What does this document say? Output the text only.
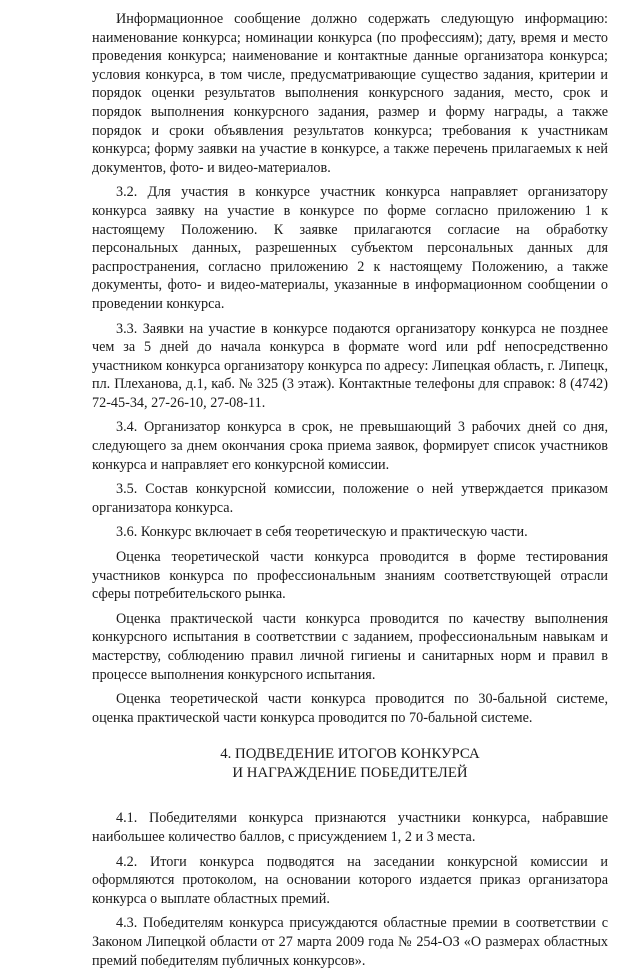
Информационное сообщение должно содержать следующую информацию: наименование конкурса; номинации конкурса (по профессиям); дату, время и место проведения конкурса; наименование и контактные данные организатора конкурса; условия конкурса, в том числе, предусматривающие существо задания, критерии и порядок оценки результатов выполнения конкурсного задания, место, срок и порядок выполнения конкурсного задания, размер и форму награды, а также порядок и сроки объявления результатов конкурса; требования к участникам конкурса; форму заявки на участие в конкурсе, а также перечень прилагаемых к ней документов, фото- и видео-материалов.

3.2. Для участия в конкурсе участник конкурса направляет организатору конкурса заявку на участие в конкурсе по форме согласно приложению 1 к настоящему Положению. К заявке прилагаются согласие на обработку персональных данных, разрешенных субъектом персональных данных для распространения, согласно приложению 2 к настоящему Положению, а также документы, фото- и видео-материалы, указанные в информационном сообщении о проведении конкурса.

3.3. Заявки на участие в конкурсе подаются организатору конкурса не позднее чем за 5 дней до начала конкурса в формате word или pdf непосредственно участником конкурса организатору конкурса по адресу: Липецкая область, г. Липецк, пл. Плеханова, д.1, каб. № 325 (3 этаж). Контактные телефоны для справок: 8 (4742) 72-45-34, 27-26-10, 27-08-11.

3.4. Организатор конкурса в срок, не превышающий 3 рабочих дней со дня, следующего за днем окончания срока приема заявок, формирует список участников конкурса и направляет его конкурсной комиссии.

3.5. Состав конкурсной комиссии, положение о ней утверждается приказом организатора конкурса.

3.6. Конкурс включает в себя теоретическую и практическую части.

Оценка теоретической части конкурса проводится в форме тестирования участников конкурса по профессиональным знаниям соответствующей отрасли сферы потребительского рынка.

Оценка практической части конкурса проводится по качеству выполнения конкурсного испытания в соответствии с заданием, профессиональным навыкам и мастерству, соблюдению правил личной гигиены и санитарных норм и правил в процессе выполнения конкурсного испытания.

Оценка теоретической части конкурса проводится по 30-бальной системе, оценка практической части конкурса проводится по 70-бальной системе.

4. ПОДВЕДЕНИЕ ИТОГОВ КОНКУРСА
И НАГРАЖДЕНИЕ ПОБЕДИТЕЛЕЙ

4.1. Победителями конкурса признаются участники конкурса, набравшие наибольшее количество баллов, с присуждением 1, 2 и 3 места.

4.2. Итоги конкурса подводятся на заседании конкурсной комиссии и оформляются протоколом, на основании которого издается приказ организатора конкурса о выплате областных премий.

4.3. Победителям конкурса присуждаются областные премии в соответствии с Законом Липецкой области от 27 марта 2009 года № 254-ОЗ «О размерах областных премий победителям публичных конкурсов».
